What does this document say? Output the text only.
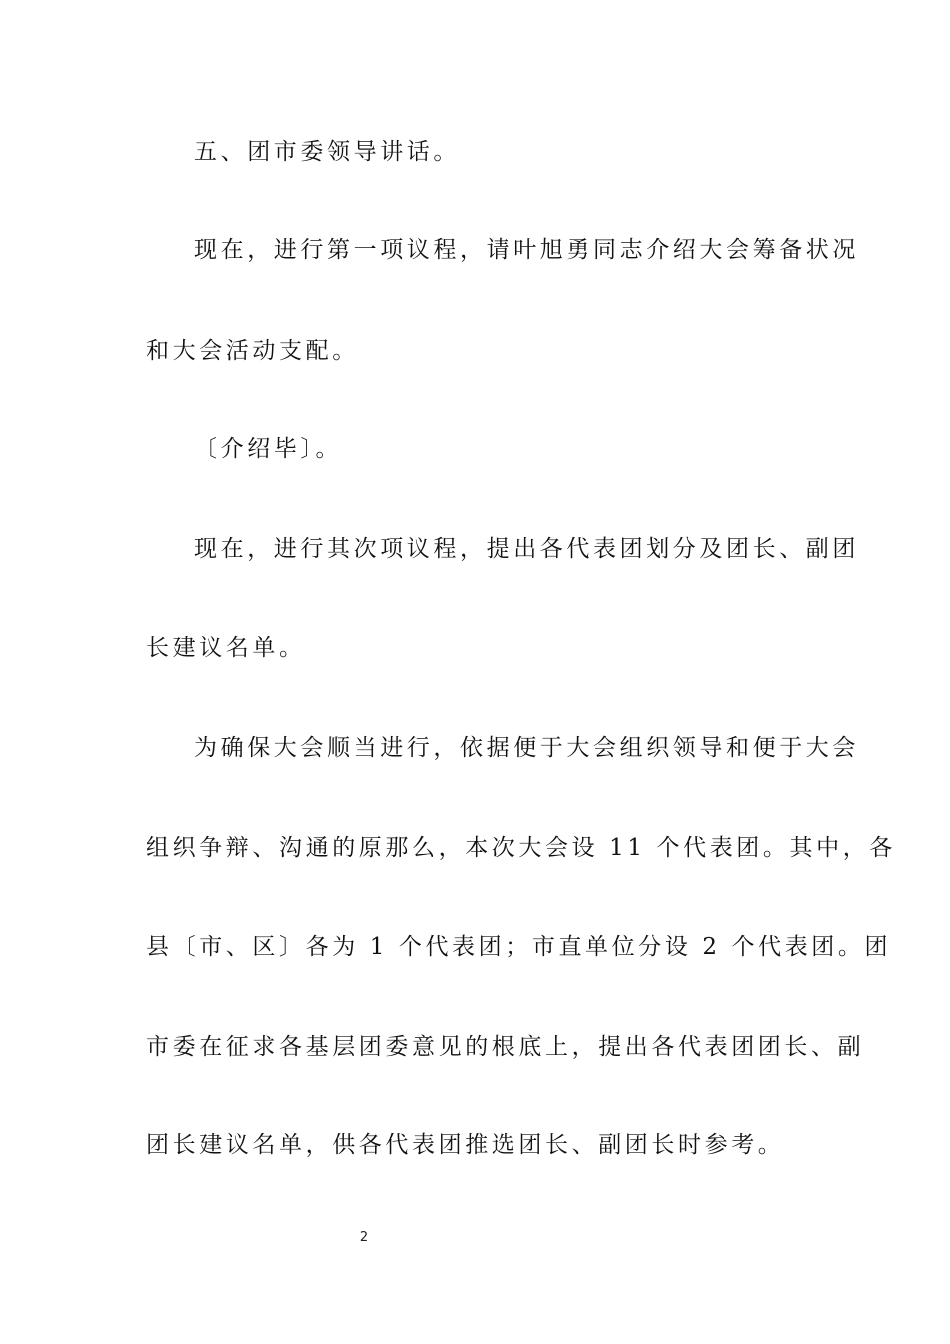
五、团市委领导讲话。
现在，进行第一项议程，请叶旭勇同志介绍大会筹备状况
和大会活动支配。
〔介绍毕〕。
现在，进行其次项议程，提出各代表团划分及团长、副团
长建议名单。
为确保大会顺当进行，依据便于大会组织领导和便于大会
组织争辩、沟通的原那么，本次大会设 11 个代表团。其中，各
县〔市、区〕各为 1 个代表团；市直单位分设 2 个代表团。团
市委在征求各基层团委意见的根底上，提出各代表团团长、副
团长建议名单，供各代表团推选团长、副团长时参考。
2
